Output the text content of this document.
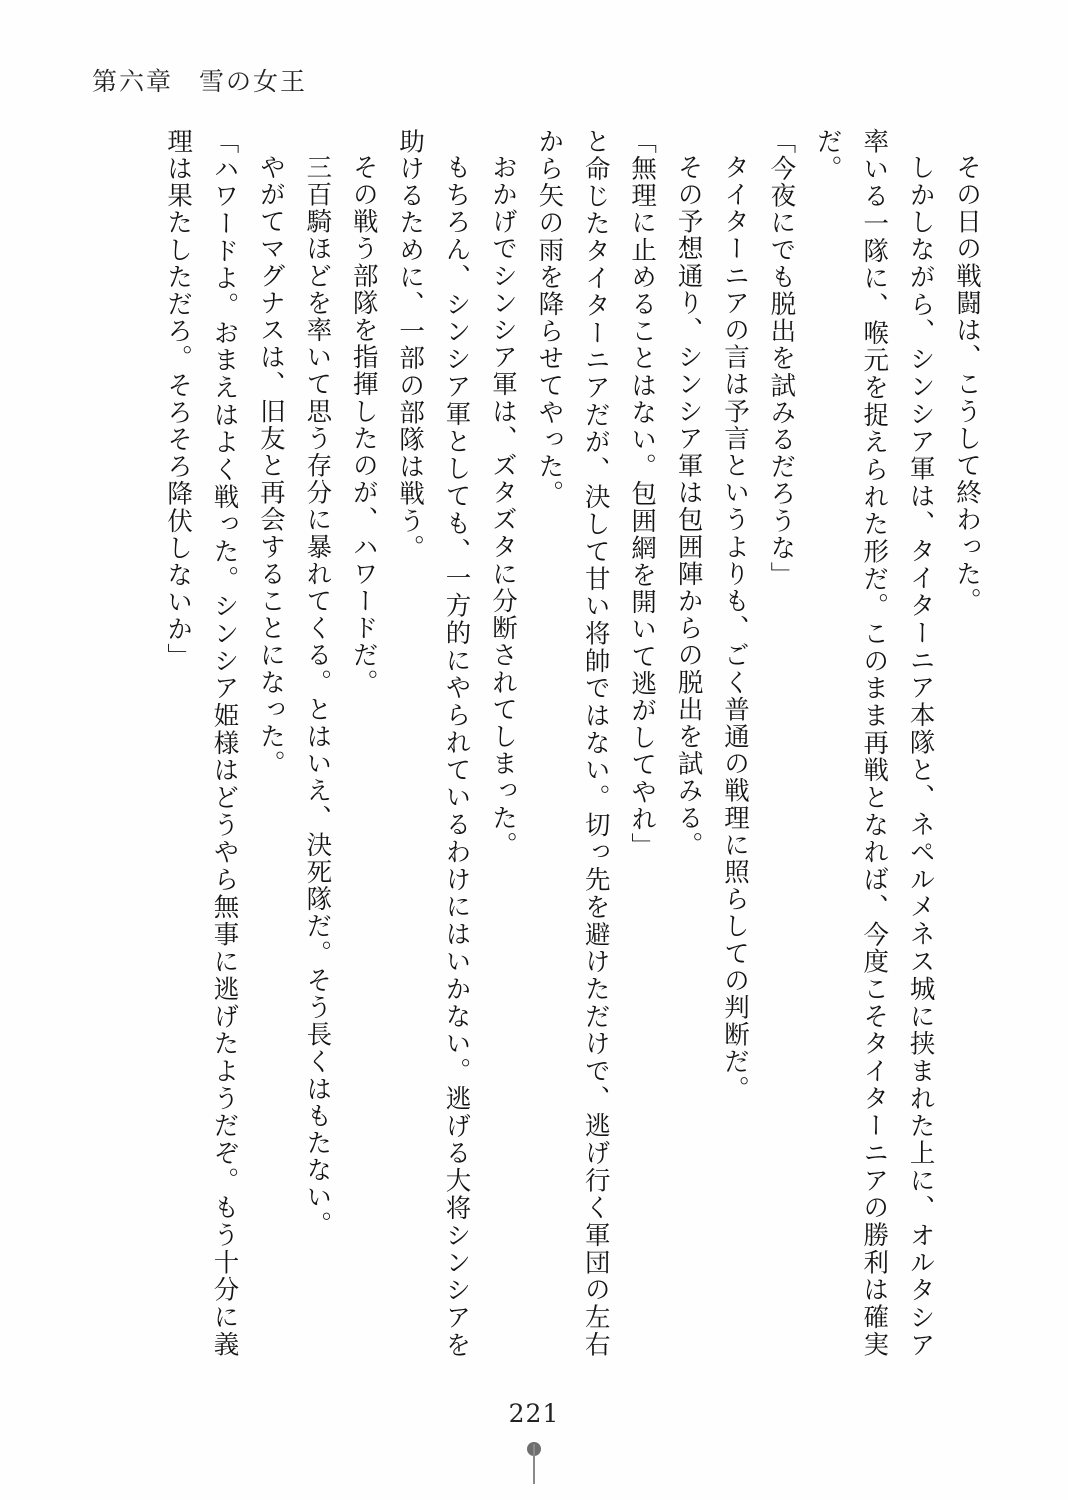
第六章 雪の女王

その日の戦闘は、こうして終わった。

しかしながら、シンシア軍は、タイターニア本隊と、ネペルメネス城に挟まれた上に、オルタシア率いる一隊に、喉元を捉えられた形だ。このまま再戦となれば、今度こそタイターニアの勝利は確実だ。

「今夜にでも脱出を試みるだろうな」

タイターニアの言は予言というよりも、ごく普通の戦理に照らしての判断だ。

その予想通り、シンシア軍は包囲陣からの脱出を試みる。

「無理に止めることはない。包囲網を開いて逃がしてやれ」

と命じたタイターニアだが、決して甘い将帥ではない。切っ先を避けただけで、逃げ行く軍団の左右から矢の雨を降らせてやった。

おかげでシンシア軍は、ズタズタに分断されてしまった。

もちろん、シンシア軍としても、一方的にやられているわけにはいかない。逃げる大将シンシアを助けるために、一部の部隊は戦う。

その戦う部隊を指揮したのが、ハワードだ。

三百騎ほどを率いて思う存分に暴れてくる。とはいえ、決死隊だ。そう長くはもたない。

やがてマグナスは、旧友と再会することになった。

「ハワードよ。おまえはよく戦った。シンシア姫様はどうやら無事に逃げたようだぞ。もう十分に義理は果たしただろ。そろそろ降伏しないか」

221
